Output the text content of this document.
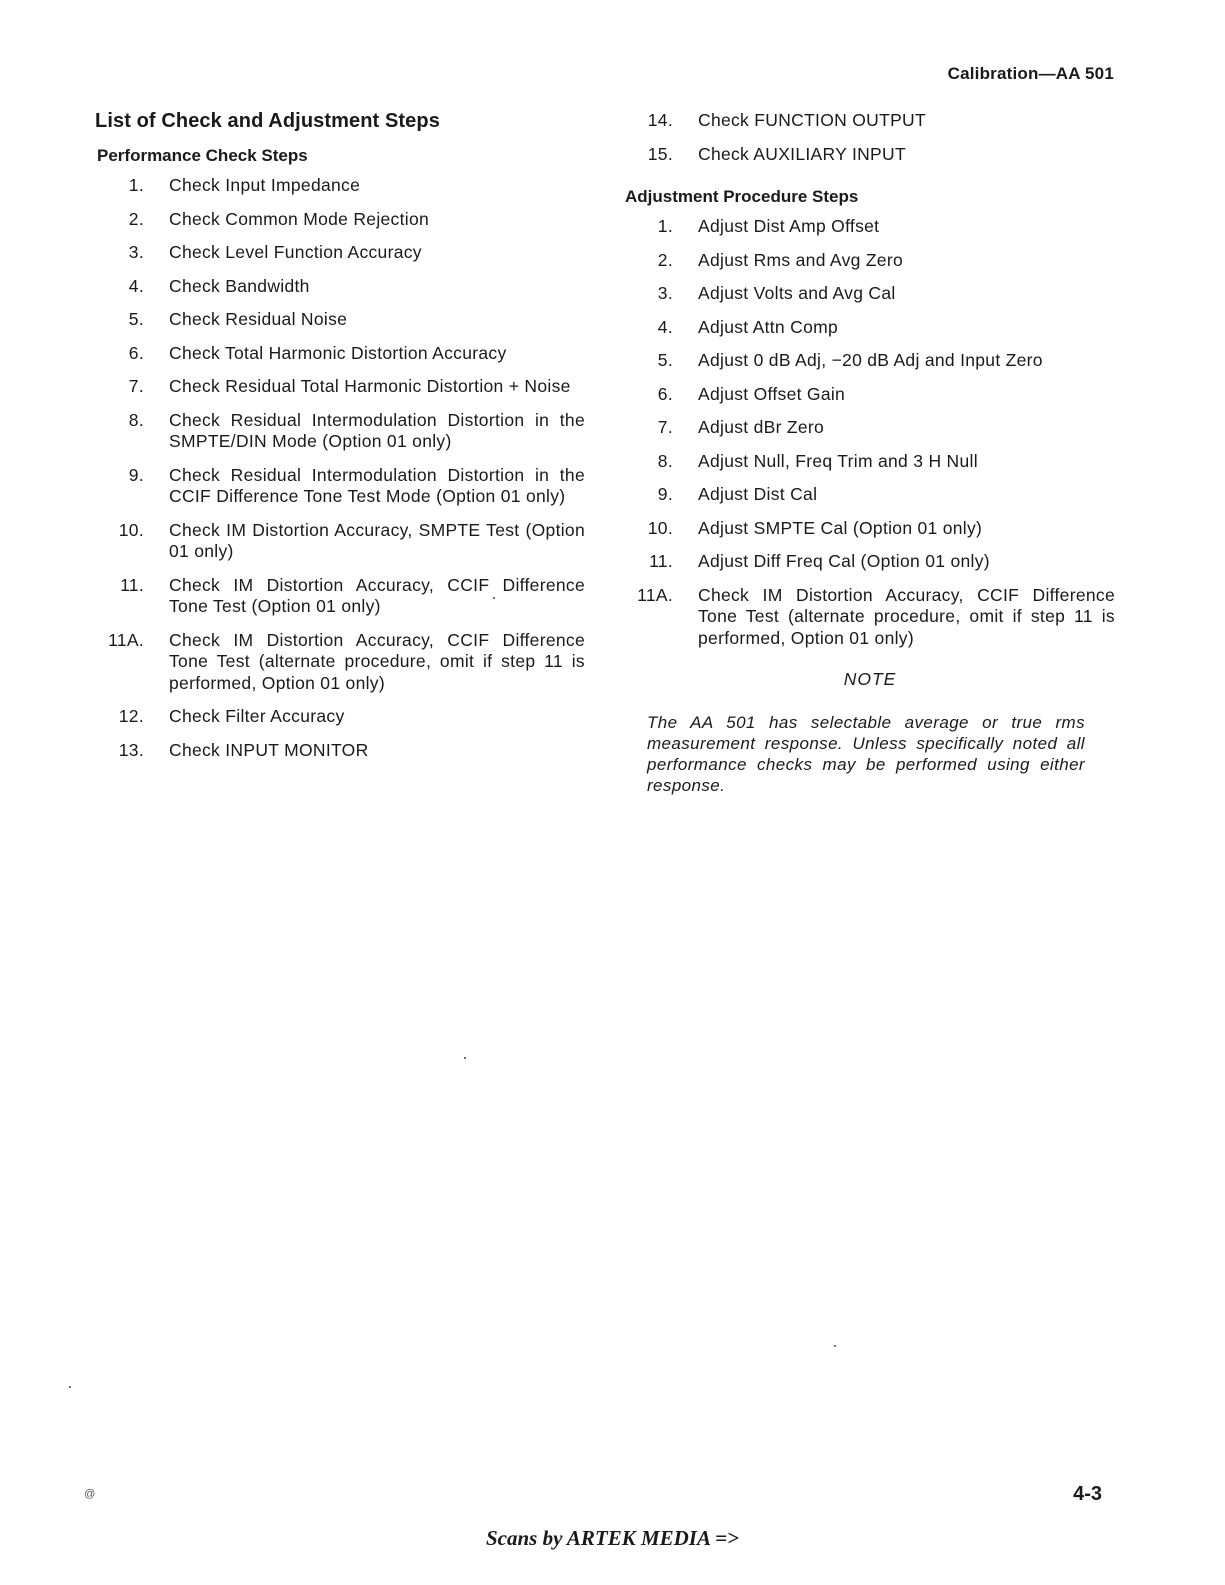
Calibration—AA 501
List of Check and Adjustment Steps
Performance Check Steps
1.	Check Input Impedance
2.	Check Common Mode Rejection
3.	Check Level Function Accuracy
4.	Check Bandwidth
5.	Check Residual Noise
6.	Check Total Harmonic Distortion Accuracy
7.	Check Residual Total Harmonic Distortion + Noise
8.	Check Residual Intermodulation Distortion in the SMPTE/DIN Mode (Option 01 only)
9.	Check Residual Intermodulation Distortion in the CCIF Difference Tone Test Mode (Option 01 only)
10.	Check IM Distortion Accuracy, SMPTE Test (Option 01 only)
11.	Check IM Distortion Accuracy, CCIF Difference Tone Test (Option 01 only)
11A.	Check IM Distortion Accuracy, CCIF Difference Tone Test (alternate procedure, omit if step 11 is performed, Option 01 only)
12.	Check Filter Accuracy
13.	Check INPUT MONITOR
14.	Check FUNCTION OUTPUT
15.	Check AUXILIARY INPUT
Adjustment Procedure Steps
1.	Adjust Dist Amp Offset
2.	Adjust Rms and Avg Zero
3.	Adjust Volts and Avg Cal
4.	Adjust Attn Comp
5.	Adjust 0 dB Adj, −20 dB Adj and Input Zero
6.	Adjust Offset Gain
7.	Adjust dBr Zero
8.	Adjust Null, Freq Trim and 3 H Null
9.	Adjust Dist Cal
10.	Adjust SMPTE Cal (Option 01 only)
11.	Adjust Diff Freq Cal (Option 01 only)
11A.	Check IM Distortion Accuracy, CCIF Difference Tone Test (alternate procedure, omit if step 11 is performed, Option 01 only)
NOTE
The AA 501 has selectable average or true rms measurement response. Unless specifically noted all performance checks may be performed using either response.
@	4-3
Scans by ARTEK MEDIA =>
